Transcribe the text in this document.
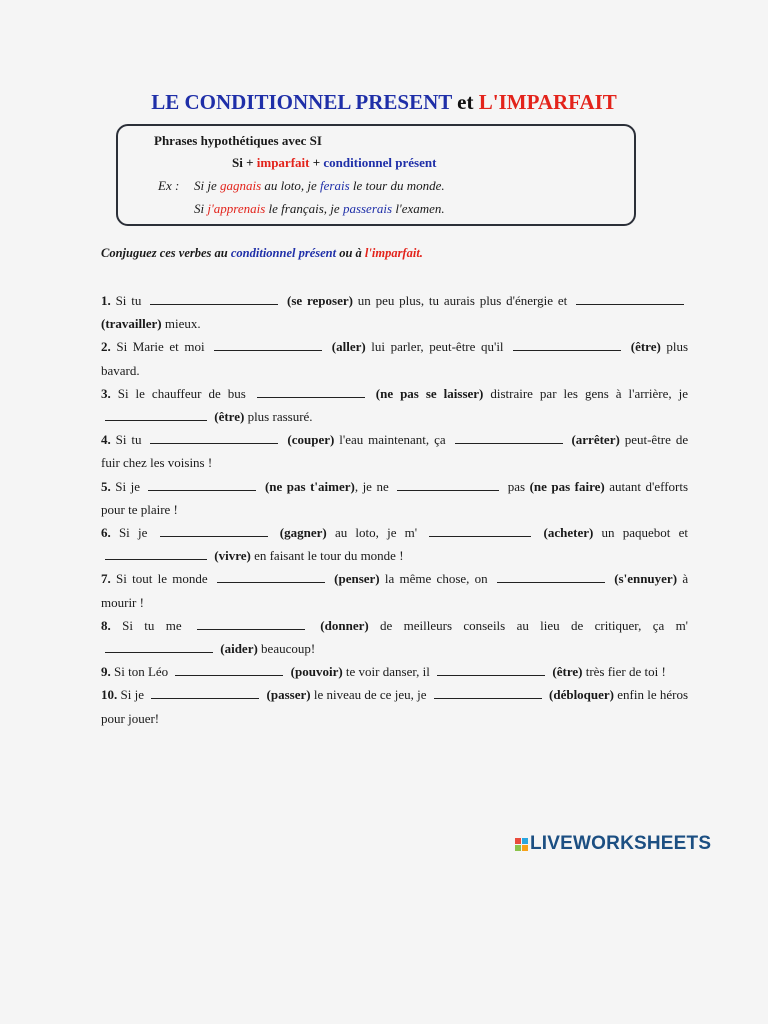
LE CONDITIONNEL PRESENT et L'IMPARFAIT
Phrases hypothétiques avec SI
Si + imparfait + conditionnel présent
Ex : Si je gagnais au loto, je ferais le tour du monde.
Si j'apprenais le français, je passerais l'examen.
Conjuguez ces verbes au conditionnel présent ou à l'imparfait.
1. Si tu	(se reposer) un peu plus, tu aurais plus d'énergie et  (travailler) mieux.
2. Si Marie et moi	(aller) lui parler, peut-être qu'il	(être) plus bavard.
3. Si le chauffeur de bus	(ne pas se laisser) distraire par les gens à l'arrière, je  (être) plus rassuré.
4. Si tu	(couper) l'eau maintenant, ça	(arrêter) peut-être de fuir chez les voisins !
5. Si je	(ne pas t'aimer), je ne	pas (ne pas faire) autant d'efforts pour te plaire !
6. Si je	(gagner) au loto, je m'	(acheter) un paquebot et  (vivre) en faisant le tour du monde !
7. Si tout le monde	(penser) la même chose, on	(s'ennuyer) à mourir !
8. Si tu me	(donner) de meilleurs conseils au lieu de critiquer, ça m'  (aider) beaucoup!
9. Si ton Léo	(pouvoir) te voir danser, il	(être) très fier de toi !
10. Si je	(passer) le niveau de ce jeu, je	(débloquer) enfin le héros pour jouer!
LIVEWORKSHEETS
